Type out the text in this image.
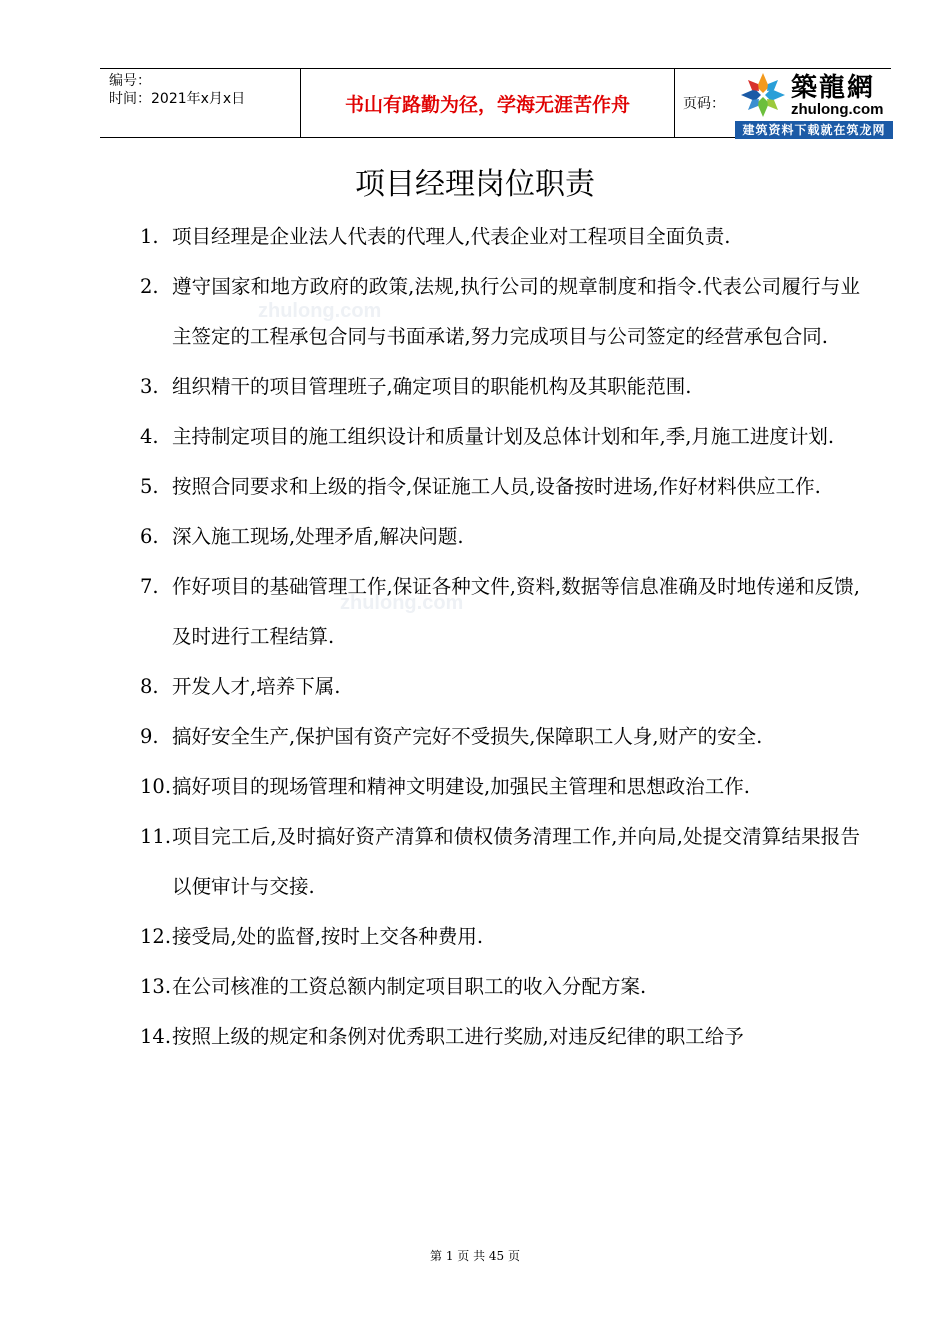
编号：
时间：2021年x月x日	书山有路勤为径，学海无涯苦作舟	页码：
築龍網
zhulong.com
建筑资料下载就在筑龙网
zhulong.com
zhulong.com
项目经理岗位职责
1. 项目经理是企业法人代表的代理人,代表企业对工程项目全面负责.
2. 遵守国家和地方政府的政策,法规,执行公司的规章制度和指令.代表公司履行与业主签定的工程承包合同与书面承诺,努力完成项目与公司签定的经营承包合同.
3. 组织精干的项目管理班子,确定项目的职能机构及其职能范围.
4. 主持制定项目的施工组织设计和质量计划及总体计划和年,季,月施工进度计划.
5. 按照合同要求和上级的指令,保证施工人员,设备按时进场,作好材料供应工作.
6. 深入施工现场,处理矛盾,解决问题.
7. 作好项目的基础管理工作,保证各种文件,资料,数据等信息准确及时地传递和反馈,及时进行工程结算.
8. 开发人才,培养下属.
9. 搞好安全生产,保护国有资产完好不受损失,保障职工人身,财产的安全.
10. 搞好项目的现场管理和精神文明建设,加强民主管理和思想政治工作.
11. 项目完工后,及时搞好资产清算和债权债务清理工作,并向局,处提交清算结果报告以便审计与交接.
12. 接受局,处的监督,按时上交各种费用.
13. 在公司核准的工资总额内制定项目职工的收入分配方案.
14. 按照上级的规定和条例对优秀职工进行奖励,对违反纪律的职工给予
第 1 页 共 45 页
